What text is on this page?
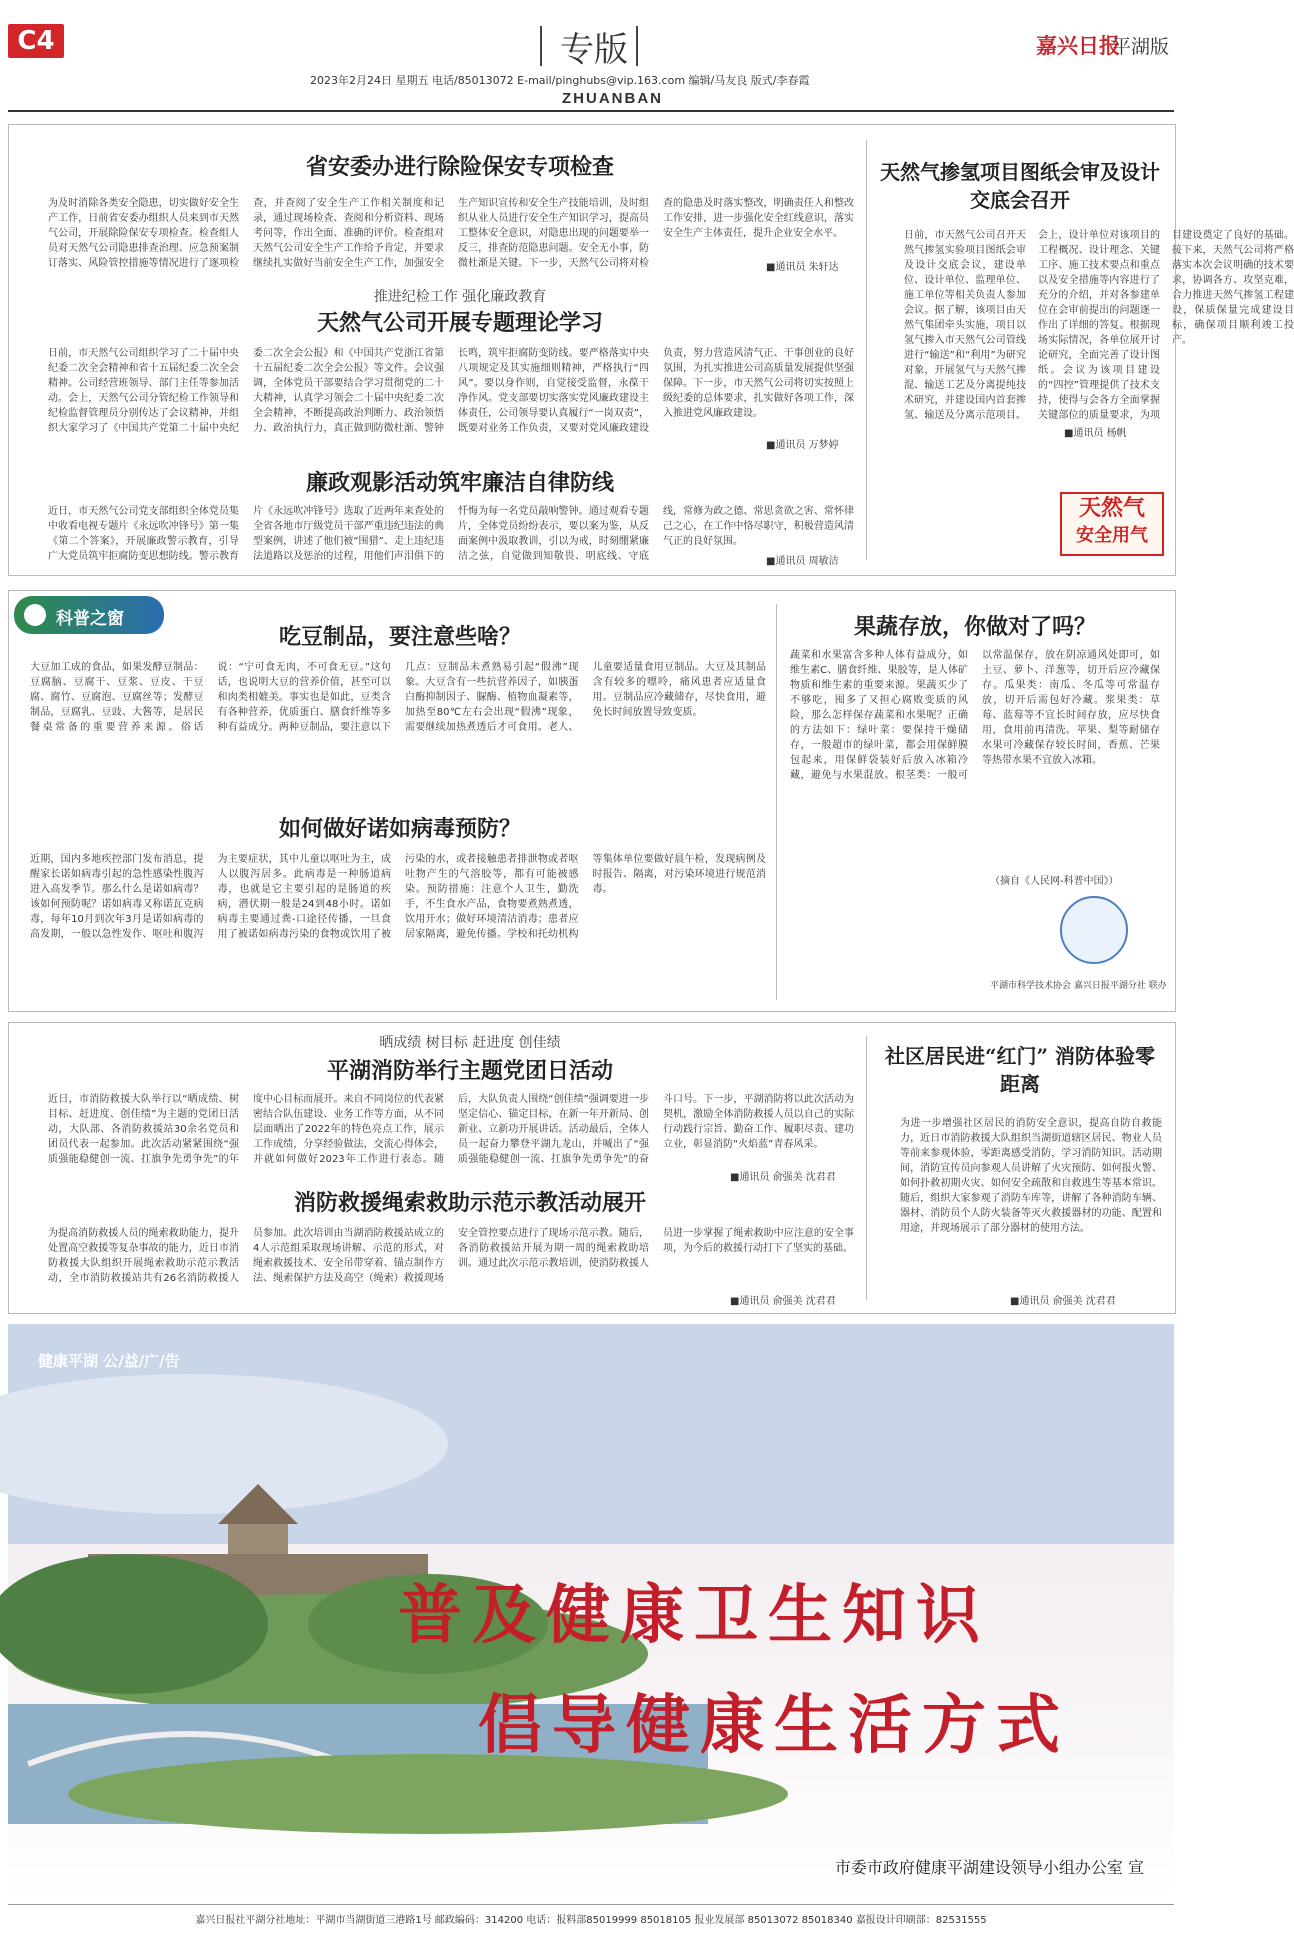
C4	专版	嘉兴日报
平湖版
2023年2月24日 星期五 电话/85013072 E-mail/pinghubs@vip.163.com 编辑/马友良 版式/李春霞
ZHUANBAN
省安委办进行除险保安专项检查
为及时消除各类安全隐患，切实做好安全生产工作，日前省安委办组织人员来到市天然气公司，开展除险保安专项检查。检查组人员对天然气公司隐患排查治理、应急预案制订落实、风险管控措施等情况进行了逐项检查，并查阅了安全生产工作相关制度和记录，通过现场检查、查阅和分析资料、现场考问等，作出全面、准确的评价。检查组对天然气公司安全生产工作给予肯定，并要求继续扎实做好当前安全生产工作，加强安全生产知识宣传和安全生产技能培训，及时组织从业人员进行安全生产知识学习，提高员工整体安全意识，对隐患出现的问题要举一反三，排查防范隐患问题。安全无小事，防微杜渐是关键。下一步，天然气公司将对检查的隐患及时落实整改，明确责任人和整改工作安排，进一步强化安全红线意识，落实安全生产主体责任，提升企业安全水平。
■通讯员 朱轩达
推进纪检工作 强化廉政教育
天然气公司开展专题理论学习
日前，市天然气公司组织学习了二十届中央纪委二次全会精神和省十五届纪委二次全会精神。公司经营班领导、部门主任等参加活动。会上，天然气公司分管纪检工作领导和纪检监督管理员分别传达了会议精神，并组织大家学习了《中国共产党第二十届中央纪委二次全会公报》和《中国共产党浙江省第十五届纪委二次全会公报》等文件。会议强调，全体党员干部要结合学习贯彻党的二十大精神，认真学习领会二十届中央纪委二次全会精神，不断提高政治判断力、政治领悟力、政治执行力，真正做到防微杜渐、警钟长鸣，筑牢拒腐防变防线。要严格落实中央八项规定及其实施细则精神，严格执行“四风”。要以身作则，自觉接受监督，永葆干净作风。党支部要切实落实党风廉政建设主体责任，公司领导要认真履行“一岗双责”，既要对业务工作负责，又要对党风廉政建设负责，努力营造风清气正、干事创业的良好氛围，为扎实推进公司高质量发展提供坚强保障。下一步，市天然气公司将切实按照上级纪委的总体要求，扎实做好各项工作，深入推进党风廉政建设。
■通讯员 万梦婷
廉政观影活动筑牢廉洁自律防线
近日，市天然气公司党支部组织全体党员集中收看电视专题片《永远吹冲锋号》第一集《第二个答案》，开展廉政警示教育，引导广大党员筑牢拒腐防变思想防线。警示教育片《永远吹冲锋号》选取了近两年来查处的全省各地市厅级党员干部严重违纪违法的典型案例，讲述了他们被“围猎”、走上违纪违法道路以及惩治的过程，用他们声泪俱下的忏悔为每一名党员敲响警钟。通过观看专题片，全体党员纷纷表示，要以案为鉴，从反面案例中汲取教训，引以为戒，时刻绷紧廉洁之弦，自觉做到知敬畏、明底线、守底线，常修为政之德、常思贪欲之害、常怀律己之心，在工作中恪尽职守，积极营造风清气正的良好氛围。
■通讯员 周敏洁
天然气掺氢项目图纸会审及设计交底会召开
日前，市天然气公司召开天然气掺氢实验项目图纸会审及设计交底会议，建设单位、设计单位、监理单位、施工单位等相关负责人参加会议。据了解，该项目由天然气集团牵头实施，项目以氢气掺入市天然气公司管线进行“输送”和“利用”为研究对象，开展氢气与天然气掺混、输送工艺及分离提纯技术研究，并建设国内首套掺氢、输送及分离示范项目。会上，设计单位对该项目的工程概况、设计理念、关键工序、施工技术要点和重点以及安全措施等内容进行了充分的介绍，并对各参建单位在会审前提出的问题逐一作出了详细的答复。根据现场实际情况，各单位展开讨论研究，全面完善了设计图纸。会议为该项目建设的“四控”管理提供了技术支持，使得与会各方全面掌握关键部位的质量要求，为项目建设奠定了良好的基础。接下来，天然气公司将严格落实本次会议明确的技术要求，协调各方、攻坚克难，合力推进天然气掺氢工程建设，保质保量完成建设目标，确保项目顺利竣工投产。
■通讯员 杨帆
天然气
安全用气
科普之窗
吃豆制品，要注意些啥？
大豆加工成的食品，如果发酵豆制品：豆腐脑、豆腐干、豆浆、豆皮、干豆腐、腐竹、豆腐泡、豆腐丝等；发酵豆制品，豆腐乳、豆豉、大酱等，是居民餐桌常备的重要营养来源。俗话说：“宁可食无肉，不可食无豆。”这句话，也说明大豆的营养价值，甚至可以和肉类相媲美。事实也是如此，豆类含有各种营养，优质蛋白、膳食纤维等多种有益成分。两种豆制品，要注意以下几点：豆制品未煮熟易引起“假沸”现象。大豆含有一些抗营养因子，如胰蛋白酶抑制因子、脲酶、植物血凝素等，加热至80℃左右会出现“假沸”现象，需要继续加热煮透后才可食用。老人、儿童要适量食用豆制品。大豆及其制品含有较多的嘌呤，痛风患者应适量食用。豆制品应冷藏储存，尽快食用，避免长时间放置导致变质。
如何做好诺如病毒预防？
近期，国内多地疾控部门发布消息，提醒家长诺如病毒引起的急性感染性腹泻进入高发季节。那么什么是诺如病毒？该如何预防呢？诺如病毒又称诺瓦克病毒，每年10月到次年3月是诺如病毒的高发期，一般以急性发作、呕吐和腹泻为主要症状，其中儿童以呕吐为主，成人以腹泻居多。此病毒是一种肠道病毒，也就是它主要引起的是肠道的疾病，潜伏期一般是24到48小时。诺如病毒主要通过粪-口途径传播，一旦食用了被诺如病毒污染的食物或饮用了被污染的水，或者接触患者排泄物或者呕吐物产生的气溶胶等，都有可能被感染。预防措施：注意个人卫生，勤洗手，不生食水产品，食物要煮熟煮透，饮用开水；做好环境清洁消毒；患者应居家隔离，避免传播。学校和托幼机构等集体单位要做好晨午检，发现病例及时报告、隔离，对污染环境进行规范消毒。
果蔬存放，你做对了吗？
蔬菜和水果富含多种人体有益成分，如维生素C、膳食纤维、果胶等，是人体矿物质和维生素的重要来源。果蔬买少了不够吃，囤多了又担心腐败变质的风险，那么怎样保存蔬菜和水果呢？正确的方法如下：绿叶菜：要保持干燥储存，一般超市的绿叶菜，都会用保鲜膜包起来，用保鲜袋装好后放入冰箱冷藏，避免与水果混放。根茎类：一般可以常温保存，放在阴凉通风处即可，如土豆、萝卜、洋葱等，切开后应冷藏保存。瓜果类：南瓜、冬瓜等可常温存放，切开后需包好冷藏。浆果类：草莓、蓝莓等不宜长时间存放，应尽快食用，食用前再清洗。苹果、梨等耐储存水果可冷藏保存较长时间，香蕉、芒果等热带水果不宜放入冰箱。
（摘自《人民网-科普中国》）
平湖市科学技术协会 嘉兴日报平湖分社 联办
晒成绩 树目标 赶进度 创佳绩
平湖消防举行主题党团日活动
近日，市消防救援大队举行以“晒成绩、树目标、赶进度、创佳绩”为主题的党团日活动，大队部、各消防救援站30余名党员和团员代表一起参加。此次活动紧紧围绕“强质强能稳健创一流、扛旗争先勇争先”的年度中心目标而展开。来自不同岗位的代表紧密结合队伍建设、业务工作等方面，从不同层面晒出了2022年的特色亮点工作，展示工作成绩，分享经验做法，交流心得体会，并就如何做好2023年工作进行表态。随后，大队负责人围绕“创佳绩”强调要进一步坚定信心、锚定目标，在新一年开新局、创新业、立新功开展讲话。活动最后，全体人员一起奋力攀登平湖九龙山，并喊出了“强质强能稳健创一流、扛旗争先勇争先”的奋斗口号。下一步，平湖消防将以此次活动为契机，激励全体消防救援人员以自己的实际行动践行宗旨、勤奋工作、履职尽责、建功立业，彰显消防“火焰蓝”青春风采。
■通讯员 俞强美 沈君君
消防救援绳索救助示范示教活动展开
为提高消防救援人员的绳索救助能力，提升处置高空救援等复杂事故的能力，近日市消防救援大队组织开展绳索救助示范示教活动，全市消防救援站共有26名消防救援人员参加。此次培训由当湖消防救援站成立的4人示范组采取现场讲解、示范的形式，对绳索救援技术、安全吊带穿着、锚点制作方法、绳索保护方法及高空（绳索）救援现场安全管控要点进行了现场示范示教。随后，各消防救援站开展为期一周的绳索救助培训。通过此次示范示教培训，使消防救援人员进一步掌握了绳索救助中应注意的安全事项，为今后的救援行动打下了坚实的基础。
■通讯员 俞强美 沈君君
社区居民进“红门” 消防体验零距离
为进一步增强社区居民的消防安全意识，提高自防自救能力，近日市消防救援大队组织当湖街道辖区居民、物业人员等前来参观体验，零距离感受消防，学习消防知识。活动期间，消防宣传员向参观人员讲解了火灾预防、如何报火警、如何扑救初期火灾、如何安全疏散和自救逃生等基本常识。随后，组织大家参观了消防车库等，讲解了各种消防车辆、器材、消防员个人防火装备等灭火救援器材的功能、配置和用途，并现场展示了部分器材的使用方法。
■通讯员 俞强美 沈君君
健康平湖 公/益/广/告
普及健康卫生知识
倡导健康生活方式
市委市政府健康平湖建设领导小组办公室 宣
嘉兴日报社平湖分社地址：平湖市当湖街道三港路1号 邮政编码：314200 电话：报料部85019999 85018105 报业发展部 85013072 85018340 嘉报设计印刷部：82531555
